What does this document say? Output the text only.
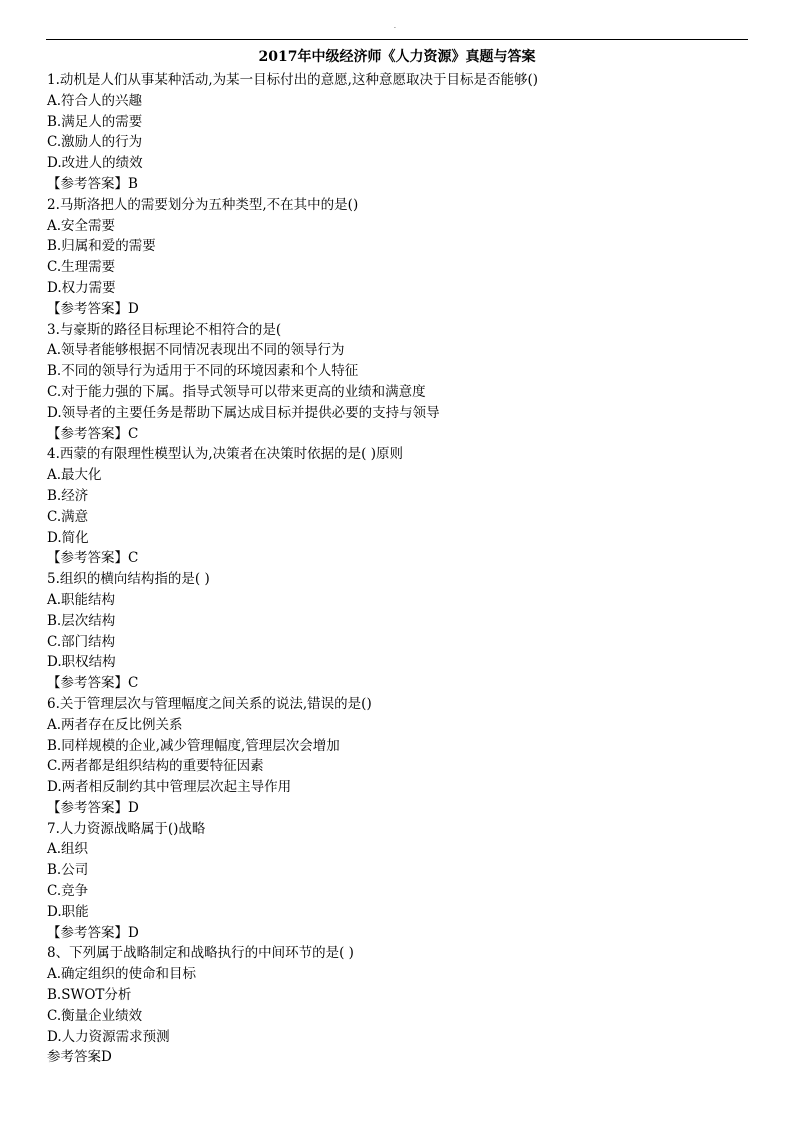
.
2017年中级经济师《人力资源》真题与答案
1.动机是人们从事某种活动,为某一目标付出的意愿,这种意愿取决于目标是否能够()
A.符合人的兴趣
B.满足人的需要
C.激励人的行为
D.改进人的绩效
【参考答案】B
2.马斯洛把人的需要划分为五种类型,不在其中的是()
A.安全需要
B.归属和爱的需要
C.生理需要
D.权力需要
【参考答案】D
3.与豪斯的路径目标理论不相符合的是(
A.领导者能够根据不同情况表现出不同的领导行为
B.不同的领导行为适用于不同的环境因素和个人特征
C.对于能力强的下属。指导式领导可以带来更高的业绩和满意度
D.领导者的主要任务是帮助下属达成目标并提供必要的支持与领导
【参考答案】C
4.西蒙的有限理性模型认为,决策者在决策时依据的是( )原则
A.最大化
B.经济
C.满意
D.简化
【参考答案】C
5.组织的横向结构指的是( )
A.职能结构
B.层次结构
C.部门结构
D.职权结构
【参考答案】C
6.关于管理层次与管理幅度之间关系的说法,错误的是()
A.两者存在反比例关系
B.同样规模的企业,减少管理幅度,管理层次会增加
C.两者都是组织结构的重要特征因素
D.两者相反制约其中管理层次起主导作用
【参考答案】D
7.人力资源战略属于()战略
A.组织
B.公司
C.竞争
D.职能
【参考答案】D
8、下列属于战略制定和战略执行的中间环节的是( )
A.确定组织的使命和目标
B.SWOT分析
C.衡量企业绩效
D.人力资源需求预测
参考答案D
